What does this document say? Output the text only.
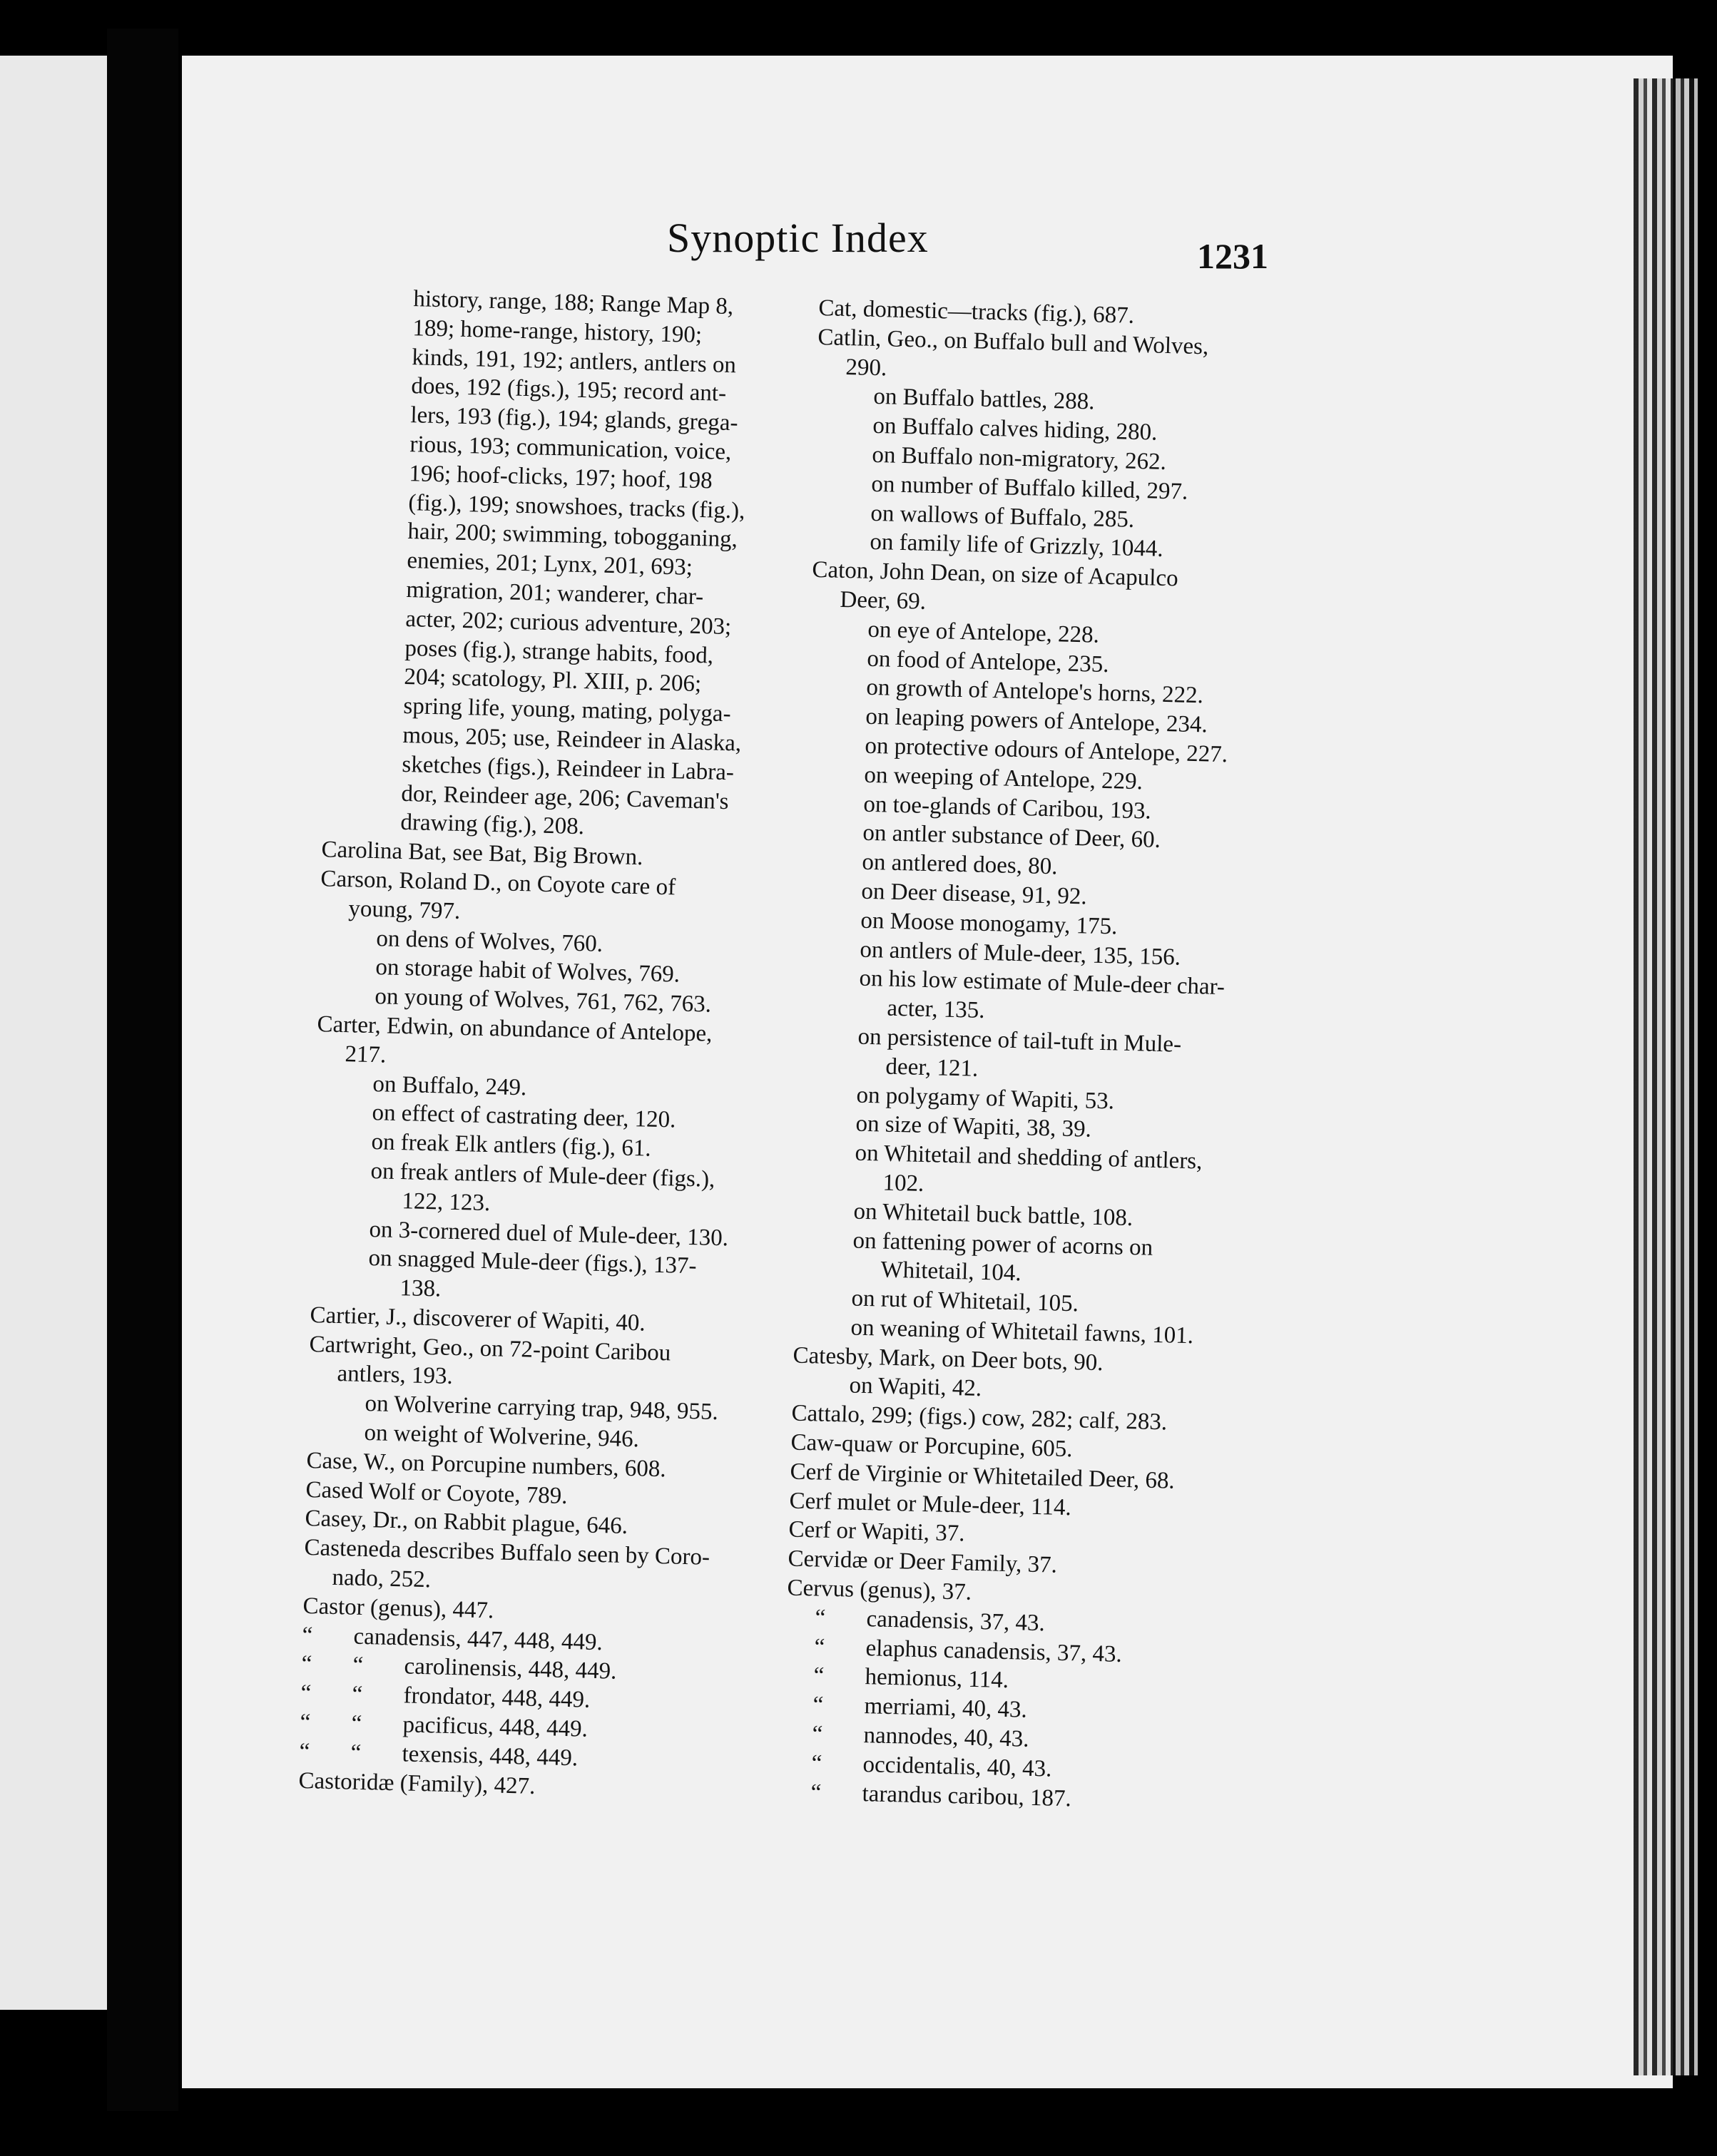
Synoptic Index	1231
history, range, 188; Range Map 8,
189; home-range, history, 190;
kinds, 191, 192; antlers, antlers on
does, 192 (figs.), 195; record ant-
lers, 193 (fig.), 194; glands, grega-
rious, 193; communication, voice,
196; hoof-clicks, 197; hoof, 198
(fig.), 199; snowshoes, tracks (fig.),
hair, 200; swimming, tobogganing,
enemies, 201; Lynx, 201, 693;
migration, 201; wanderer, char-
acter, 202; curious adventure, 203;
poses (fig.), strange habits, food,
204; scatology, Pl. XIII, p. 206;
spring life, young, mating, polyga-
mous, 205; use, Reindeer in Alaska,
sketches (figs.), Reindeer in Labra-
dor, Reindeer age, 206; Caveman's
drawing (fig.), 208.
Carolina Bat, see Bat, Big Brown.
Carson, Roland D., on Coyote care of
young, 797.
on dens of Wolves, 760.
on storage habit of Wolves, 769.
on young of Wolves, 761, 762, 763.
Carter, Edwin, on abundance of Antelope,
217.
on Buffalo, 249.
on effect of castrating deer, 120.
on freak Elk antlers (fig.), 61.
on freak antlers of Mule-deer (figs.),
122, 123.
on 3-cornered duel of Mule-deer, 130.
on snagged Mule-deer (figs.), 137-
138.
Cartier, J., discoverer of Wapiti, 40.
Cartwright, Geo., on 72-point Caribou
antlers, 193.
on Wolverine carrying trap, 948, 955.
on weight of Wolverine, 946.
Case, W., on Porcupine numbers, 608.
Cased Wolf or Coyote, 789.
Casey, Dr., on Rabbit plague, 646.
Casteneda describes Buffalo seen by Coro-
nado, 252.
Castor (genus), 447.
“ canadensis, 447, 448, 449.
“ “ carolinensis, 448, 449.
“ “ frondator, 448, 449.
“ “ pacificus, 448, 449.
“ “ texensis, 448, 449.
Castoridæ (Family), 427.
Cat, domestic—tracks (fig.), 687.
Catlin, Geo., on Buffalo bull and Wolves,
290.
on Buffalo battles, 288.
on Buffalo calves hiding, 280.
on Buffalo non-migratory, 262.
on number of Buffalo killed, 297.
on wallows of Buffalo, 285.
on family life of Grizzly, 1044.
Caton, John Dean, on size of Acapulco
Deer, 69.
on eye of Antelope, 228.
on food of Antelope, 235.
on growth of Antelope's horns, 222.
on leaping powers of Antelope, 234.
on protective odours of Antelope, 227.
on weeping of Antelope, 229.
on toe-glands of Caribou, 193.
on antler substance of Deer, 60.
on antlered does, 80.
on Deer disease, 91, 92.
on Moose monogamy, 175.
on antlers of Mule-deer, 135, 156.
on his low estimate of Mule-deer char-
acter, 135.
on persistence of tail-tuft in Mule-
deer, 121.
on polygamy of Wapiti, 53.
on size of Wapiti, 38, 39.
on Whitetail and shedding of antlers,
102.
on Whitetail buck battle, 108.
on fattening power of acorns on
Whitetail, 104.
on rut of Whitetail, 105.
on weaning of Whitetail fawns, 101.
Catesby, Mark, on Deer bots, 90.
on Wapiti, 42.
Cattalo, 299; (figs.) cow, 282; calf, 283.
Caw-quaw or Porcupine, 605.
Cerf de Virginie or Whitetailed Deer, 68.
Cerf mulet or Mule-deer, 114.
Cerf or Wapiti, 37.
Cervidæ or Deer Family, 37.
Cervus (genus), 37.
“ canadensis, 37, 43.
“ elaphus canadensis, 37, 43.
“ hemionus, 114.
“ merriami, 40, 43.
“ nannodes, 40, 43.
“ occidentalis, 40, 43.
“ tarandus caribou, 187.
